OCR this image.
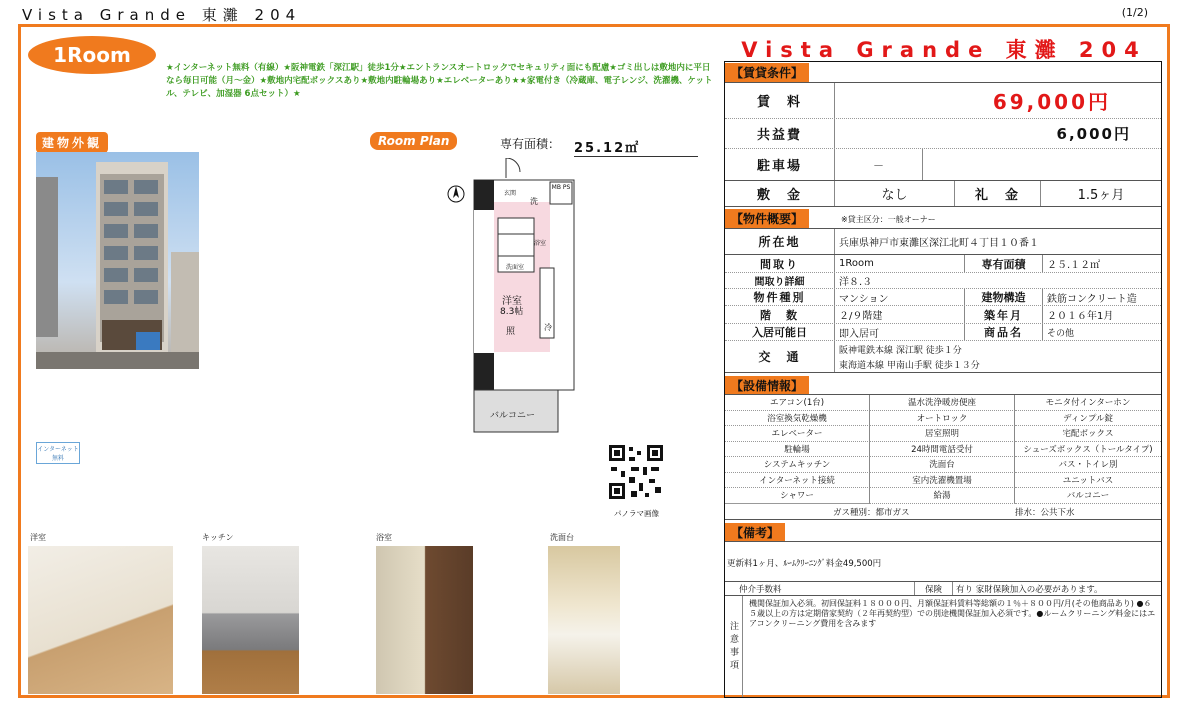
Vista Grande 東灘 204	(1/2)
1Room
★インターネット無料（有線）★阪神電鉄「深江駅」徒歩1分★エントランスオートロックでセキュリティ面にも配慮★ゴミ出しは敷地内に平日なら毎日可能（月～金）★敷地内宅配ボックスあり★敷地内駐輪場あり★エレベーターあり★★家電付き（冷蔵庫、電子レンジ、洗濯機、ケットル、テレビ、加湿器 6点セット）★
建物外観	Room Plan	専有面積： 25.12㎡
インターネット無料
玄関
洗
MB PS
浴室
洗面室
洋室
8.3帖
照	冷
バルコニー
パノラマ画像
洋室	キッチン	浴室	洗面台
Vista Grande 東灘 204
【賃貸条件】
賃　料	69,000円
共益費	6,000円
駐車場	－
敷　金	なし	礼　金	1.5ヶ月
【物件概要】	※貸主区分：一般オーナー
所在地	兵庫県神戸市東灘区深江北町４丁目１０番１
間取り	1Room	専有面積	２５.１２㎡
間取り詳細	洋８.３
物件種別	マンション	建物構造	鉄筋コンクリート造
階　数	２/９階建	築年月	２０１６年1月
入居可能日	即入居可	商品名	その他
交　通	阪神電鉄本線 深江駅 徒歩１分
東海道本線 甲南山手駅 徒歩１３分
【設備情報】
エアコン(1台)	温水洗浄暖房便座	モニタ付インターホン
浴室換気乾燥機	オートロック	ディンプル錠
エレベーター	居室照明	宅配ボックス
駐輪場	24時間電話受付	シューズボックス（トールタイプ)
システムキッチン	洗面台	バス・トイレ別
インターネット接続	室内洗濯機置場	ユニットバス
シャワー	給湯	バルコニー
ガス種別：都市ガス	排水：公共下水
【備考】
更新料1ヶ月、ﾙｰﾑｸﾘｰﾆﾝｸﾞ料金49,500円
仲介手数料	保険	有り 家財保険加入の必要があります。
注意事項
機関保証加入必須。初回保証料１８０００円、月額保証料賃料等総額の１％＋８００円/月(その他商品あり) ●６５歳以上の方は定期借家契約（２年再契約型）での別途機関保証加入必須です。●ルームクリーニング料金にはエアコンクリーニング費用を含みます
